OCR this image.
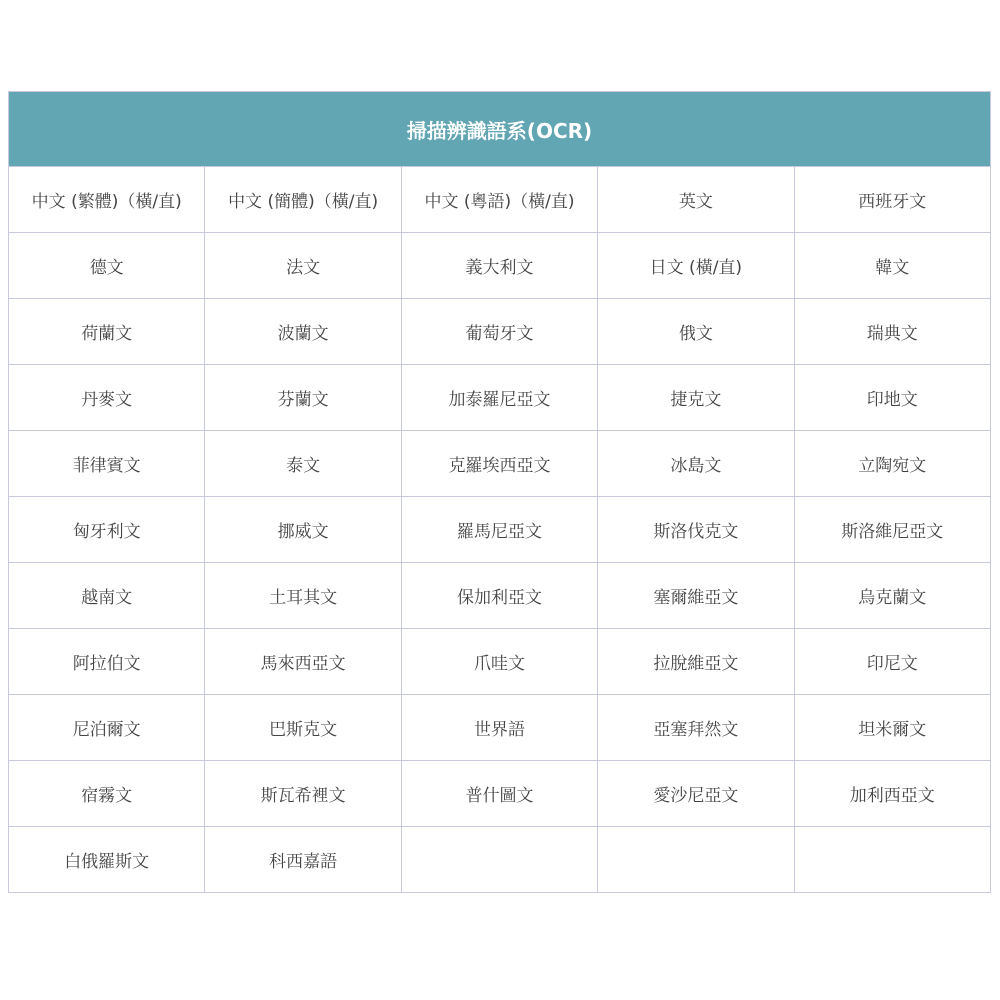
掃描辨識語系(OCR)				
中文 (繁體)（橫/直)	中文 (簡體)（橫/直)	中文 (粵語)（橫/直)	英文	西班牙文
德文	法文	義大利文	日文 (橫/直)	韓文
荷蘭文	波蘭文	葡萄牙文	俄文	瑞典文
丹麥文	芬蘭文	加泰羅尼亞文	捷克文	印地文
菲律賓文	泰文	克羅埃西亞文	冰島文	立陶宛文
匈牙利文	挪威文	羅馬尼亞文	斯洛伐克文	斯洛維尼亞文
越南文	土耳其文	保加利亞文	塞爾維亞文	烏克蘭文
阿拉伯文	馬來西亞文	爪哇文	拉脫維亞文	印尼文
尼泊爾文	巴斯克文	世界語	亞塞拜然文	坦米爾文
宿霧文	斯瓦希裡文	普什圖文	愛沙尼亞文	加利西亞文
白俄羅斯文	科西嘉語			
